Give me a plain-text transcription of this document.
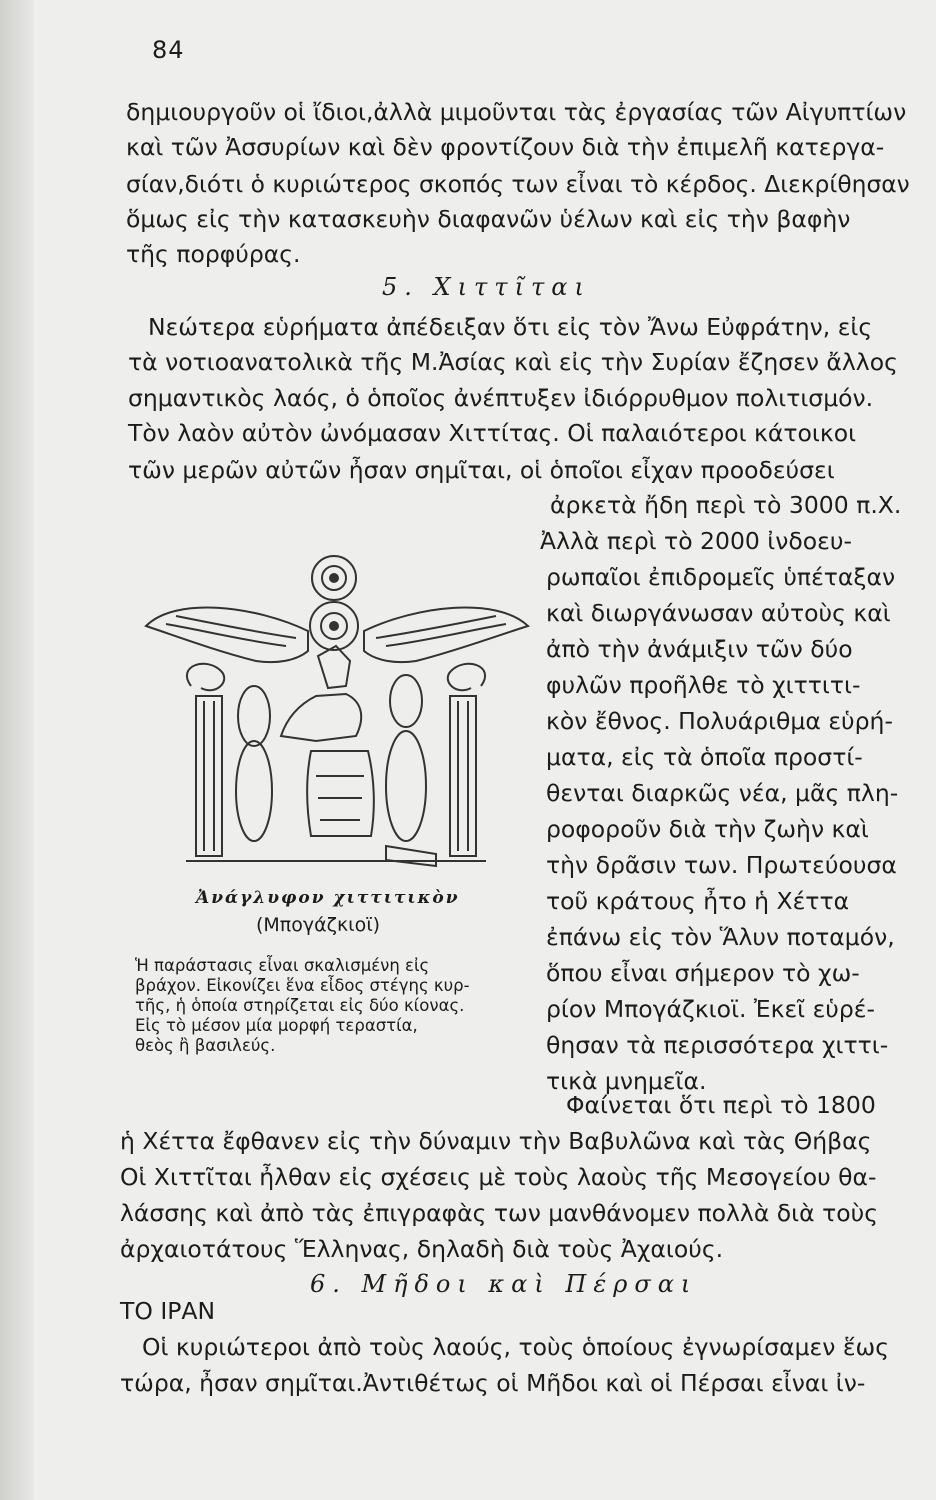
84
δημιουργοῦν οἱ ἴδιοι,ἀλλὰ μιμοῦνται τὰς ἐργασίας τῶν Αἰγυπτίων
καὶ τῶν Ἀσσυρίων καὶ δὲν φροντίζουν διὰ τὴν ἐπιμελῆ κατεργα-
σίαν,διότι ὁ κυριώτερος σκοπός των εἶναι τὸ κέρδος. Διεκρίθησαν
ὅμως εἰς τὴν κατασκευὴν διαφανῶν ὑέλων καὶ εἰς τὴν βαφὴν
τῆς πορφύρας.
5. Χιττῖται
Νεώτερα εὑρήματα ἀπέδειξαν ὅτι εἰς τὸν Ἄνω Εὐφράτην, εἰς
τὰ νοτιοανατολικὰ τῆς Μ.Ἀσίας καὶ εἰς τὴν Συρίαν ἔζησεν ἄλλος
σημαντικὸς λαός, ὁ ὁποῖος ἀνέπτυξεν ἰδιόρρυθμον πολιτισμόν.
Τὸν λαὸν αὐτὸν ὠνόμασαν Χιττίτας. Οἱ παλαιότεροι κάτοικοι
τῶν μερῶν αὐτῶν ἦσαν σημῖται, οἱ ὁποῖοι εἶχαν προοδεύσει
ἀρκετὰ ἤδη περὶ τὸ 3000 π.Χ.
Ἀλλὰ περὶ τὸ 2000 ἰνδοευ-
ρωπαῖοι ἐπιδρομεῖς ὑπέταξαν
καὶ διωργάνωσαν αὐτοὺς καὶ
ἀπὸ τὴν ἀνάμιξιν τῶν δύο
φυλῶν προῆλθε τὸ χιττιτι-
κὸν ἔθνος. Πολυάριθμα εὑρή-
ματα, εἰς τὰ ὁποῖα προστί-
θενται διαρκῶς νέα, μᾶς πλη-
ροφοροῦν διὰ τὴν ζωὴν καὶ
τὴν δρᾶσιν των. Πρωτεύουσα
τοῦ κράτους ἦτο ἡ Χέττα
ἐπάνω εἰς τὸν Ἅλυν ποταμόν,
ὅπου εἶναι σήμερον τὸ χω-
ρίον Μπογάζκιοϊ. Ἐκεῖ εὑρέ-
θησαν τὰ περισσότερα χιττι-
τικὰ μνημεῖα.
Ἀνάγλυφον χιττιτικὸν
(Μπογάζκιοϊ)
Ἡ παράστασις εἶναι σκαλισμένη εἰς
βράχον. Εἰκονίζει ἕνα εἶδος στέγης κυρ-
τῆς, ἡ ὁποία στηρίζεται εἰς δύο κίονας.
Εἰς τὸ μέσον μία μορφή τεραστία,
θεὸς ἢ βασιλεύς.
Φαίνεται ὅτι περὶ τὸ 1800
ἡ Χέττα ἔφθανεν εἰς τὴν δύναμιν τὴν Βαβυλῶνα καὶ τὰς Θήβας
Οἱ Χιττῖται ἦλθαν εἰς σχέσεις μὲ τοὺς λαοὺς τῆς Μεσογείου θα-
λάσσης καὶ ἀπὸ τὰς ἐπιγραφὰς των μανθάνομεν πολλὰ διὰ τοὺς
ἀρχαιοτάτους Ἕλληνας, δηλαδὴ διὰ τοὺς Ἀχαιούς.
6. Μῆδοι καὶ Πέρσαι
ΤΟ ΙΡΑΝ
Οἱ κυριώτεροι ἀπὸ τοὺς λαούς, τοὺς ὁποίους ἐγνωρίσαμεν ἕως
τώρα, ἦσαν σημῖται.Ἀντιθέτως οἱ Μῆδοι καὶ οἱ Πέρσαι εἶναι ἰν-
